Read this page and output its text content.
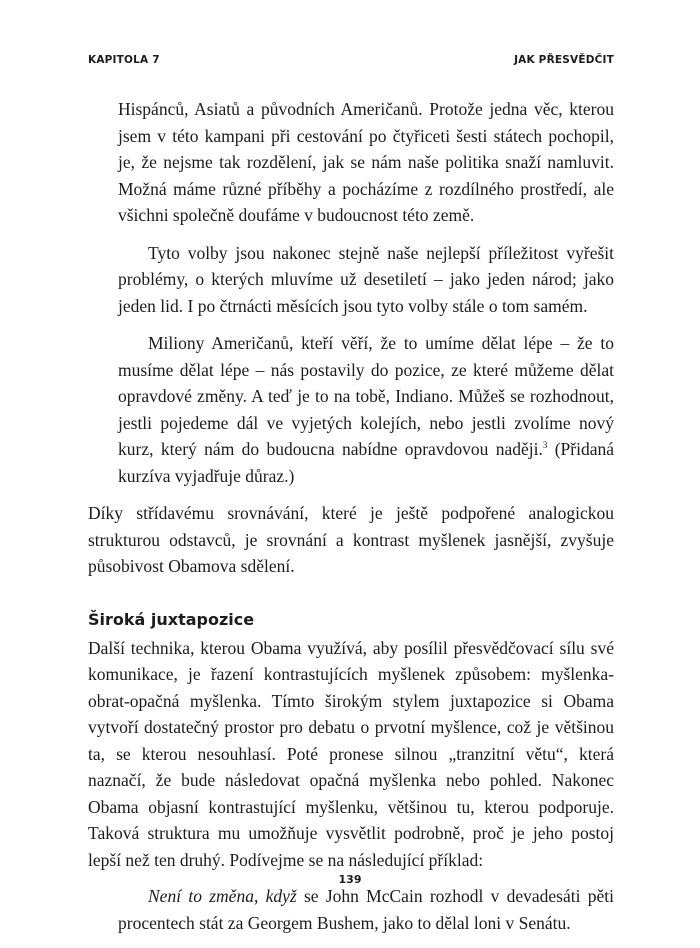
KAPITOLA 7	JAK PŘESVĚDČIT

Hispánců, Asiatů a původních Američanů. Protože jedna věc, kterou jsem v této kampani při cestování po čtyřiceti šesti státech pochopil, je, že nejsme tak rozdělení, jak se nám naše politika snaží namluvit. Možná máme různé příběhy a pocházíme z rozdílného prostředí, ale všichni společně doufáme v budoucnost této země.

Tyto volby jsou nakonec stejně naše nejlepší příležitost vyřešit problémy, o kterých mluvíme už desetiletí – jako jeden národ; jako jeden lid. I po čtrnácti měsících jsou tyto volby stále o tom samém.

Miliony Američanů, kteří věří, že to umíme dělat lépe – že to musíme dělat lépe – nás postavily do pozice, ze které můžeme dělat opravdové změny. A teď je to na tobě, Indiano. Můžeš se rozhodnout, jestli pojedeme dál ve vyjetých kolejích, nebo jestli zvolíme nový kurz, který nám do budoucna nabídne opravdovou naději.$^3$ (Přidaná kurzíva vyjadřuje důraz.)

Díky střídavému srovnávání, které je ještě podpořené analogickou strukturou odstavců, je srovnání a kontrast myšlenek jasnější, zvyšuje působivost Obamova sdělení.

Široká juxtapozice

Další technika, kterou Obama využívá, aby posílil přesvědčovací sílu své komunikace, je řazení kontrastujících myšlenek způsobem: myšlenka-obrat-opačná myšlenka. Tímto širokým stylem juxtapozice si Obama vytvoří dostatečný prostor pro debatu o prvotní myšlence, což je většinou ta, se kterou nesouhlasí. Poté pronese silnou „tranzitní větu“, která naznačí, že bude následovat opačná myšlenka nebo pohled. Nakonec Obama objasní kontrastující myšlenku, většinou tu, kterou podporuje. Taková struktura mu umožňuje vysvětlit podrobně, proč je jeho postoj lepší než ten druhý. Podívejme se na následující příklad:

Není to změna, když se John McCain rozhodl v devadesáti pěti procentech stát za Georgem Bushem, jako to dělal loni v Senátu.

139
